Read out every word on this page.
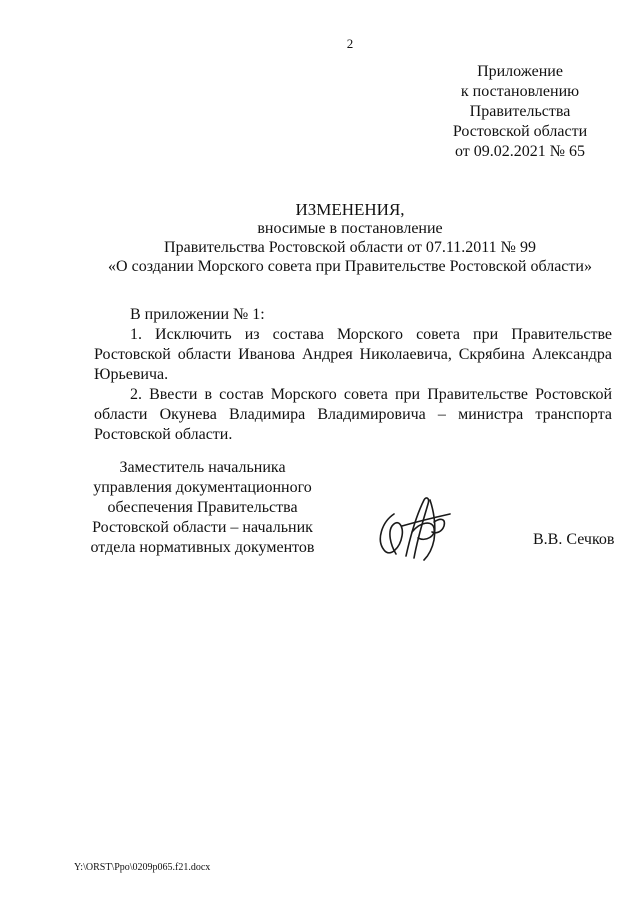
2
Приложение
к постановлению
Правительства
Ростовской области
от 09.02.2021 № 65
ИЗМЕНЕНИЯ,
вносимые в постановление
Правительства Ростовской области от 07.11.2011 № 99
«О создании Морского совета при Правительстве Ростовской области»

В приложении № 1:

1. Исключить из состава Морского совета при Правительстве Ростовской области Иванова Андрея Николаевича, Скрябина Александра Юрьевича.

2. Ввести в состав Морского совета при Правительстве Ростовской области Окунева Владимира Владимировича – министра транспорта Ростовской области.

Заместитель начальника
управления документационного
обеспечения Правительства
Ростовской области – начальник
отдела нормативных документов	В.В. Сечков
Y:\ORST\Ppo\0209p065.f21.docx
